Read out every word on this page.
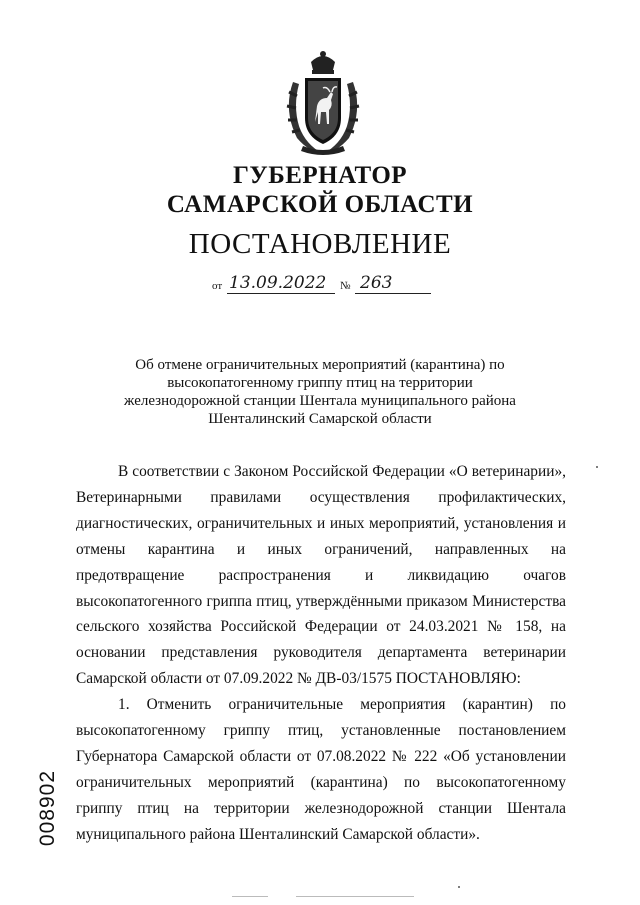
ГУБЕРНАТОР
САМАРСКОЙ ОБЛАСТИ
ПОСТАНОВЛЕНИЕ
от 13.09.2022 № 263
Об отмене ограничительных мероприятий (карантина) по высокопатогенному гриппу птиц на территории железнодорожной станции Шентала муниципального района Шенталинский Самарской области

В соответствии с Законом Российской Федерации «О ветеринарии», Ветеринарными правилами осуществления профилактических, диагностических, ограничительных и иных мероприятий, установления и отмены карантина и иных ограничений, направленных на предотвращение распространения и ликвидацию очагов высокопатогенного гриппа птиц, утверждёнными приказом Министерства сельского хозяйства Российской Федерации от 24.03.2021 № 158, на основании представления руководителя департамента ветеринарии Самарской области от 07.09.2022 № ДВ-03/1575 ПОСТАНОВЛЯЮ:

1. Отменить ограничительные мероприятия (карантин) по высокопатогенному гриппу птиц, установленные постановлением Губернатора Самарской области от 07.08.2022 № 222 «Об установлении ограничительных мероприятий (карантина) по высокопатогенному гриппу птиц на территории железнодорожной станции Шентала муниципального района Шенталинский Самарской области».

008902
